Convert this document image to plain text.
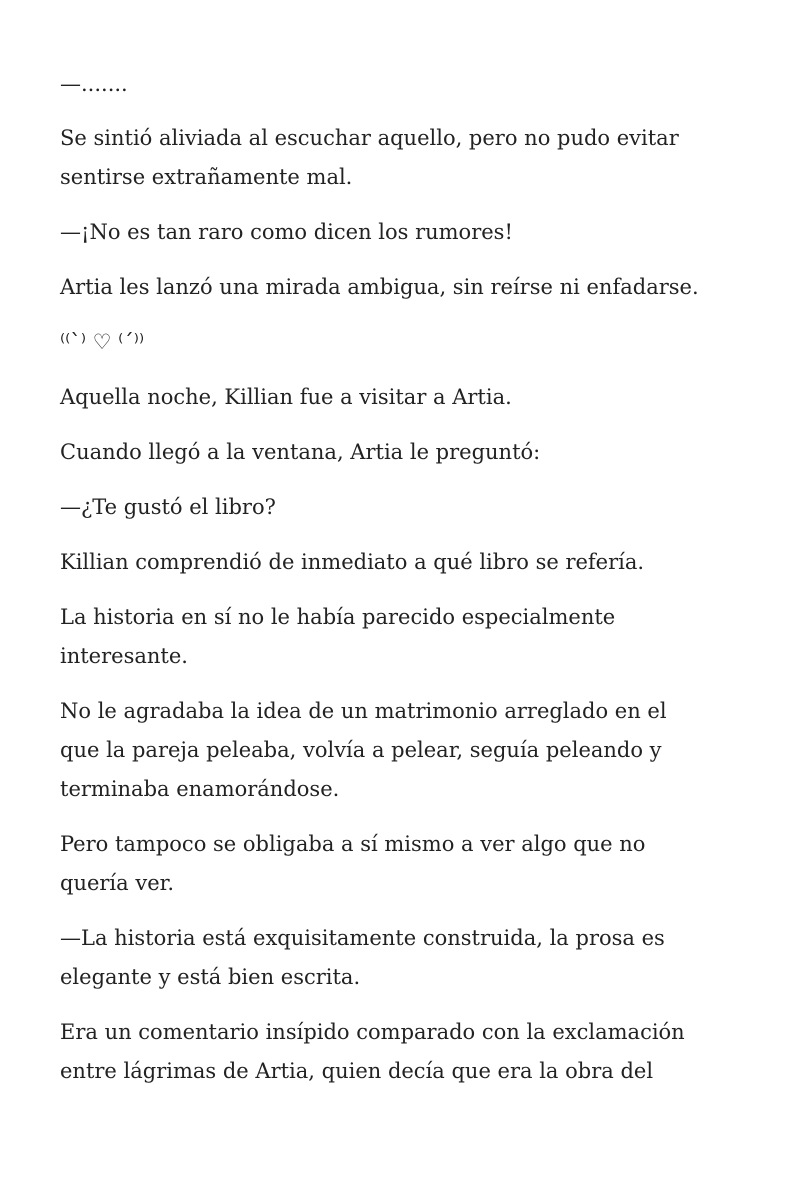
—.......

Se sintió aliviada al escuchar aquello, pero no pudo evitar
sentirse extrañamente mal.

—¡No es tan raro como dicen los rumores!

Artia les lanzó una mirada ambigua, sin reírse ni enfadarse.

⁽⁽`⁾ ♡ ⁽´⁾⁾

Aquella noche, Killian fue a visitar a Artia.

Cuando llegó a la ventana, Artia le preguntó:

—¿Te gustó el libro?

Killian comprendió de inmediato a qué libro se refería.

La historia en sí no le había parecido especialmente
interesante.

No le agradaba la idea de un matrimonio arreglado en el
que la pareja peleaba, volvía a pelear, seguía peleando y
terminaba enamorándose.

Pero tampoco se obligaba a sí mismo a ver algo que no
quería ver.

—La historia está exquisitamente construida, la prosa es
elegante y está bien escrita.

Era un comentario insípido comparado con la exclamación
entre lágrimas de Artia, quien decía que era la obra del
